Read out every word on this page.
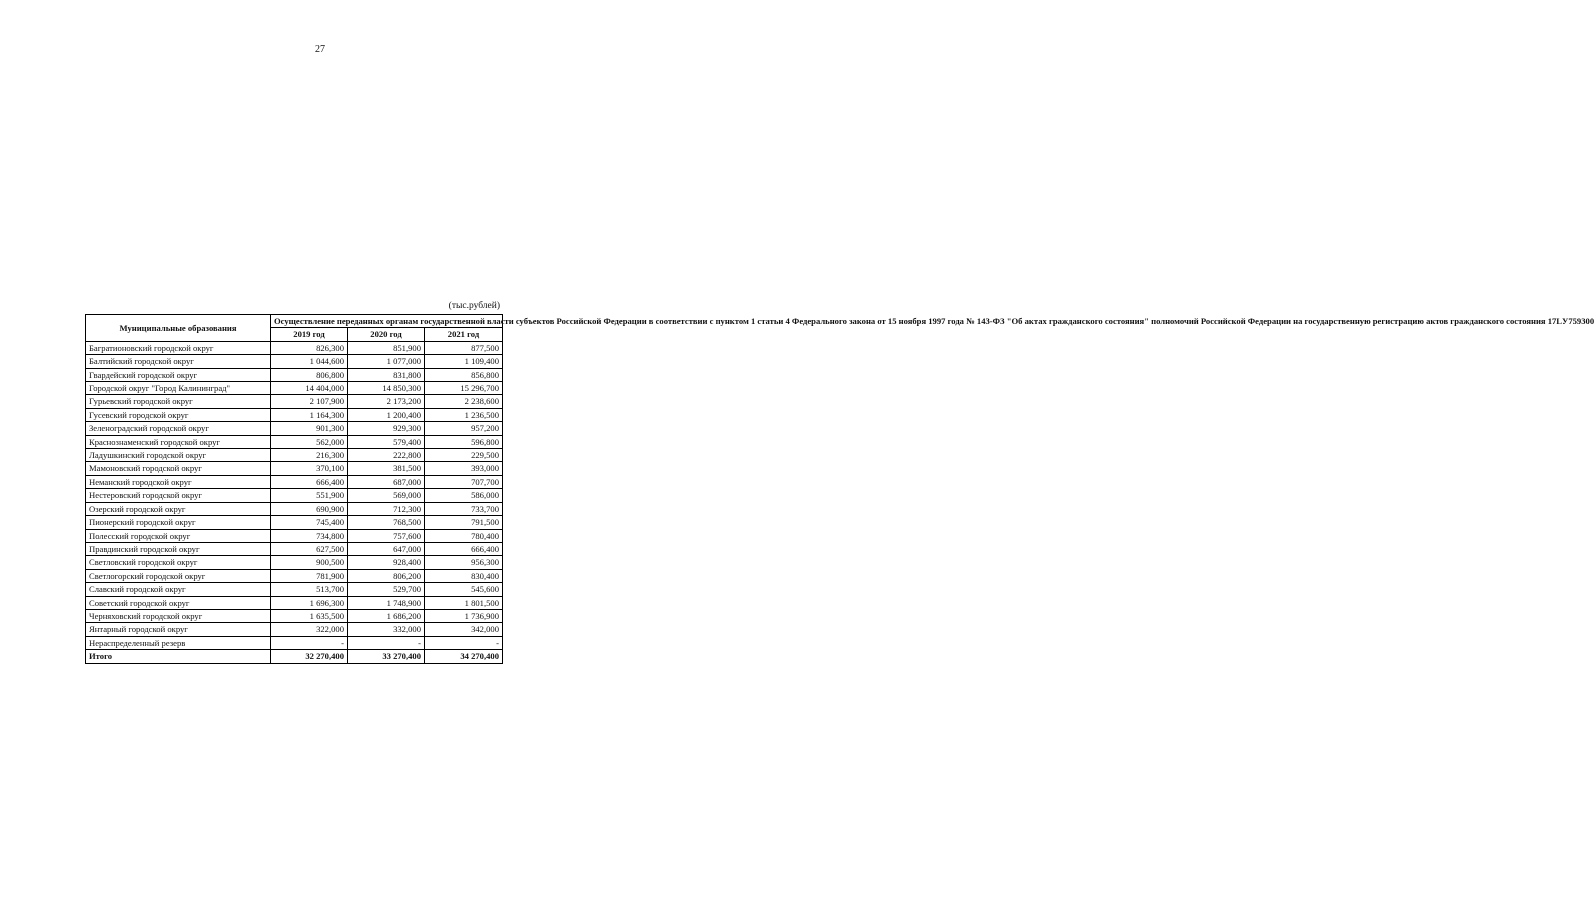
27
(тыс.рублей)
Муниципальные образования	Осуществление переданных органам государственной власти субъектов Российской Федерации в соответствии с пунктом 1 статьи 4 Федерального закона от 15 ноября 1997 года № 143-ФЗ "Об актах гражданского состояния" полномочий Российской Федерации на государственную регистрацию актов гражданского состояния 17LУ759300		
	2019 год	2020 год	2021 год
Багратионовский городской округ	826,300	851,900	877,500
Балтийский городской округ	1 044,600	1 077,000	1 109,400
Гвардейский городской округ	806,800	831,800	856,800
Городской округ "Город Калининград"	14 404,000	14 850,300	15 296,700
Гурьевский городской округ	2 107,900	2 173,200	2 238,600
Гусевский городской округ	1 164,300	1 200,400	1 236,500
Зеленоградский городской округ	901,300	929,300	957,200
Краснознаменский городской округ	562,000	579,400	596,800
Ладушкинский городской округ	216,300	222,800	229,500
Мамоновский городской округ	370,100	381,500	393,000
Неманский городской округ	666,400	687,000	707,700
Нестеровский городской округ	551,900	569,000	586,000
Озерский городской округ	690,900	712,300	733,700
Пионерский городской округ	745,400	768,500	791,500
Полесский городской округ	734,800	757,600	780,400
Правдинский городской округ	627,500	647,000	666,400
Светловский городской округ	900,500	928,400	956,300
Светлогорский городской округ	781,900	806,200	830,400
Славский городской округ	513,700	529,700	545,600
Советский городской округ	1 696,300	1 748,900	1 801,500
Черняховский городской округ	1 635,500	1 686,200	1 736,900
Янтарный городской округ	322,000	332,000	342,000
Нераспределенный резерв	-	-	-
Итого	32 270,400	33 270,400	34 270,400
